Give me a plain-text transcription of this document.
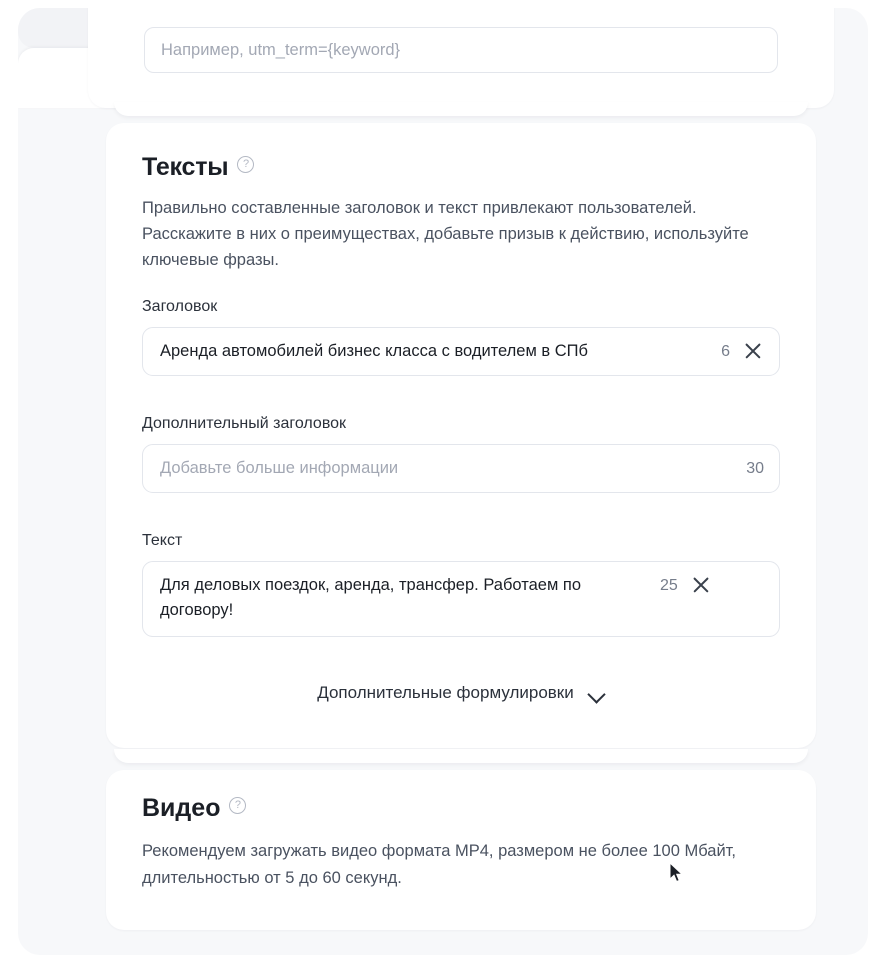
Например, utm_term={keyword}
Тексты ?
Правильно составленные заголовок и текст привлекают пользователей. Расскажите в них о преимуществах, добавьте призыв к действию, используйте ключевые фразы.
Заголовок
Аренда автомобилей бизнес класса с водителем в СПб	6
Дополнительный заголовок
Добавьте больше информации	30
Текст
Для деловых поездок, аренда, трансфер. Работаем по договору!
25
Дополнительные формулировки
Видео ?
Рекомендуем загружать видео формата MP4, размером не более 100 Мбайт, длительностью от 5 до 60 секунд.
